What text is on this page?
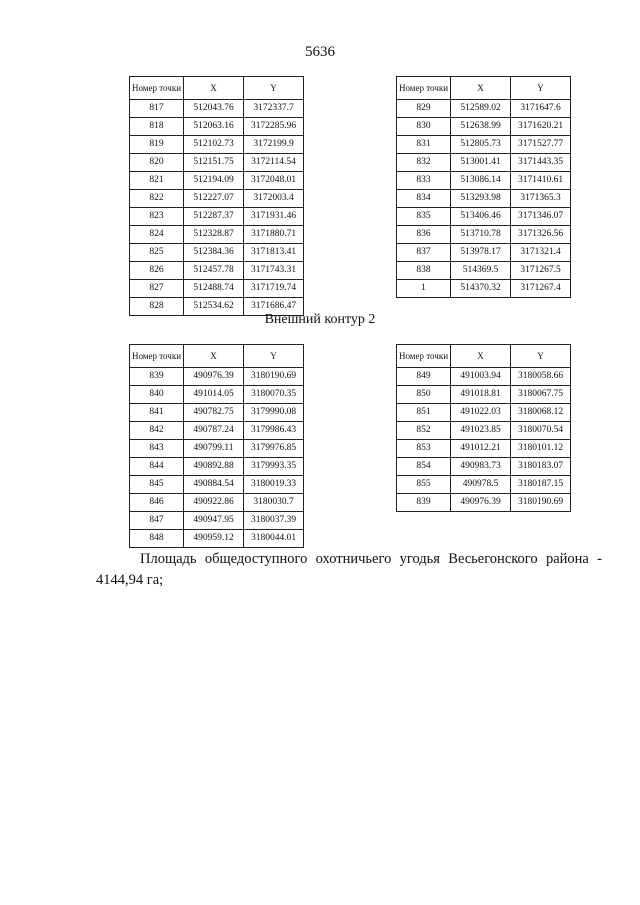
5636
Номер точки	X	Y
817	512043.76	3172337.7
818	512063.16	3172285.96
819	512102.73	3172199.9
820	512151.75	3172114.54
821	512194.09	3172048.01
822	512227.07	3172003.4
823	512287.37	3171931.46
824	512328.87	3171880.71
825	512384.36	3171813.41
826	512457.78	3171743.31
827	512488.74	3171719.74
828	512534.62	3171686.47
Номер точки	X	Y
829	512589.02	3171647.6
830	512638.99	3171620.21
831	512805.73	3171527.77
832	513001.41	3171443.35
833	513086.14	3171410.61
834	513293.98	3171365.3
835	513406.46	3171346.07
836	513710.78	3171326.56
837	513978.17	3171321.4
838	514369.5	3171267.5
1	514370.32	3171267.4
Внешний контур 2
Номер точки	X	Y
839	490976.39	3180190.69
840	491014.05	3180070.35
841	490782.75	3179990.08
842	490787.24	3179986.43
843	490799.11	3179976.85
844	490892.88	3179993.35
845	490884.54	3180019.33
846	490922.86	3180030.7
847	490947.95	3180037.39
848	490959.12	3180044.01
Номер точки	X	Y
849	491003.94	3180058.66
850	491018.81	3180067.75
851	491022.03	3180068.12
852	491023.85	3180070.54
853	491012.21	3180101.12
854	490983.73	3180183.07
855	490978.5	3180187.15
839	490976.39	3180190.69
Площадь общедоступного охотничьего угодья Весьегонского района - 4144,94 га;
